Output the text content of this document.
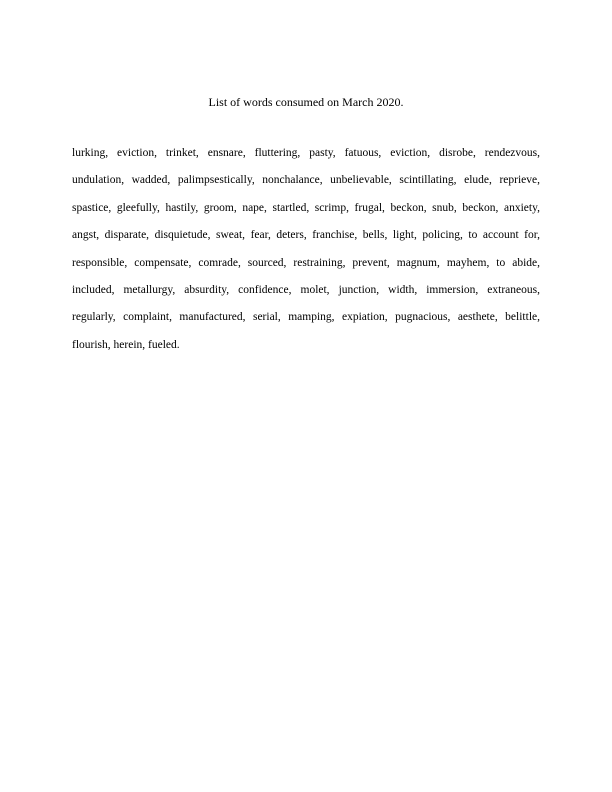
List of words consumed on March 2020.

lurking, eviction, trinket, ensnare, fluttering, pasty, fatuous, eviction, disrobe, rendezvous,
undulation, wadded, palimpsestically, nonchalance, unbelievable, scintillating, elude, reprieve,
spastice, gleefully, hastily, groom, nape, startled, scrimp, frugal, beckon, snub, beckon, anxiety,
angst, disparate, disquietude, sweat, fear, deters, franchise, bells, light, policing, to account for,
responsible, compensate, comrade, sourced, restraining, prevent, magnum, mayhem, to abide,
included, metallurgy, absurdity, confidence, molet, junction, width, immersion, extraneous,
regularly, complaint, manufactured, serial, mamping, expiation, pugnacious, aesthete, belittle,
flourish, herein, fueled.
